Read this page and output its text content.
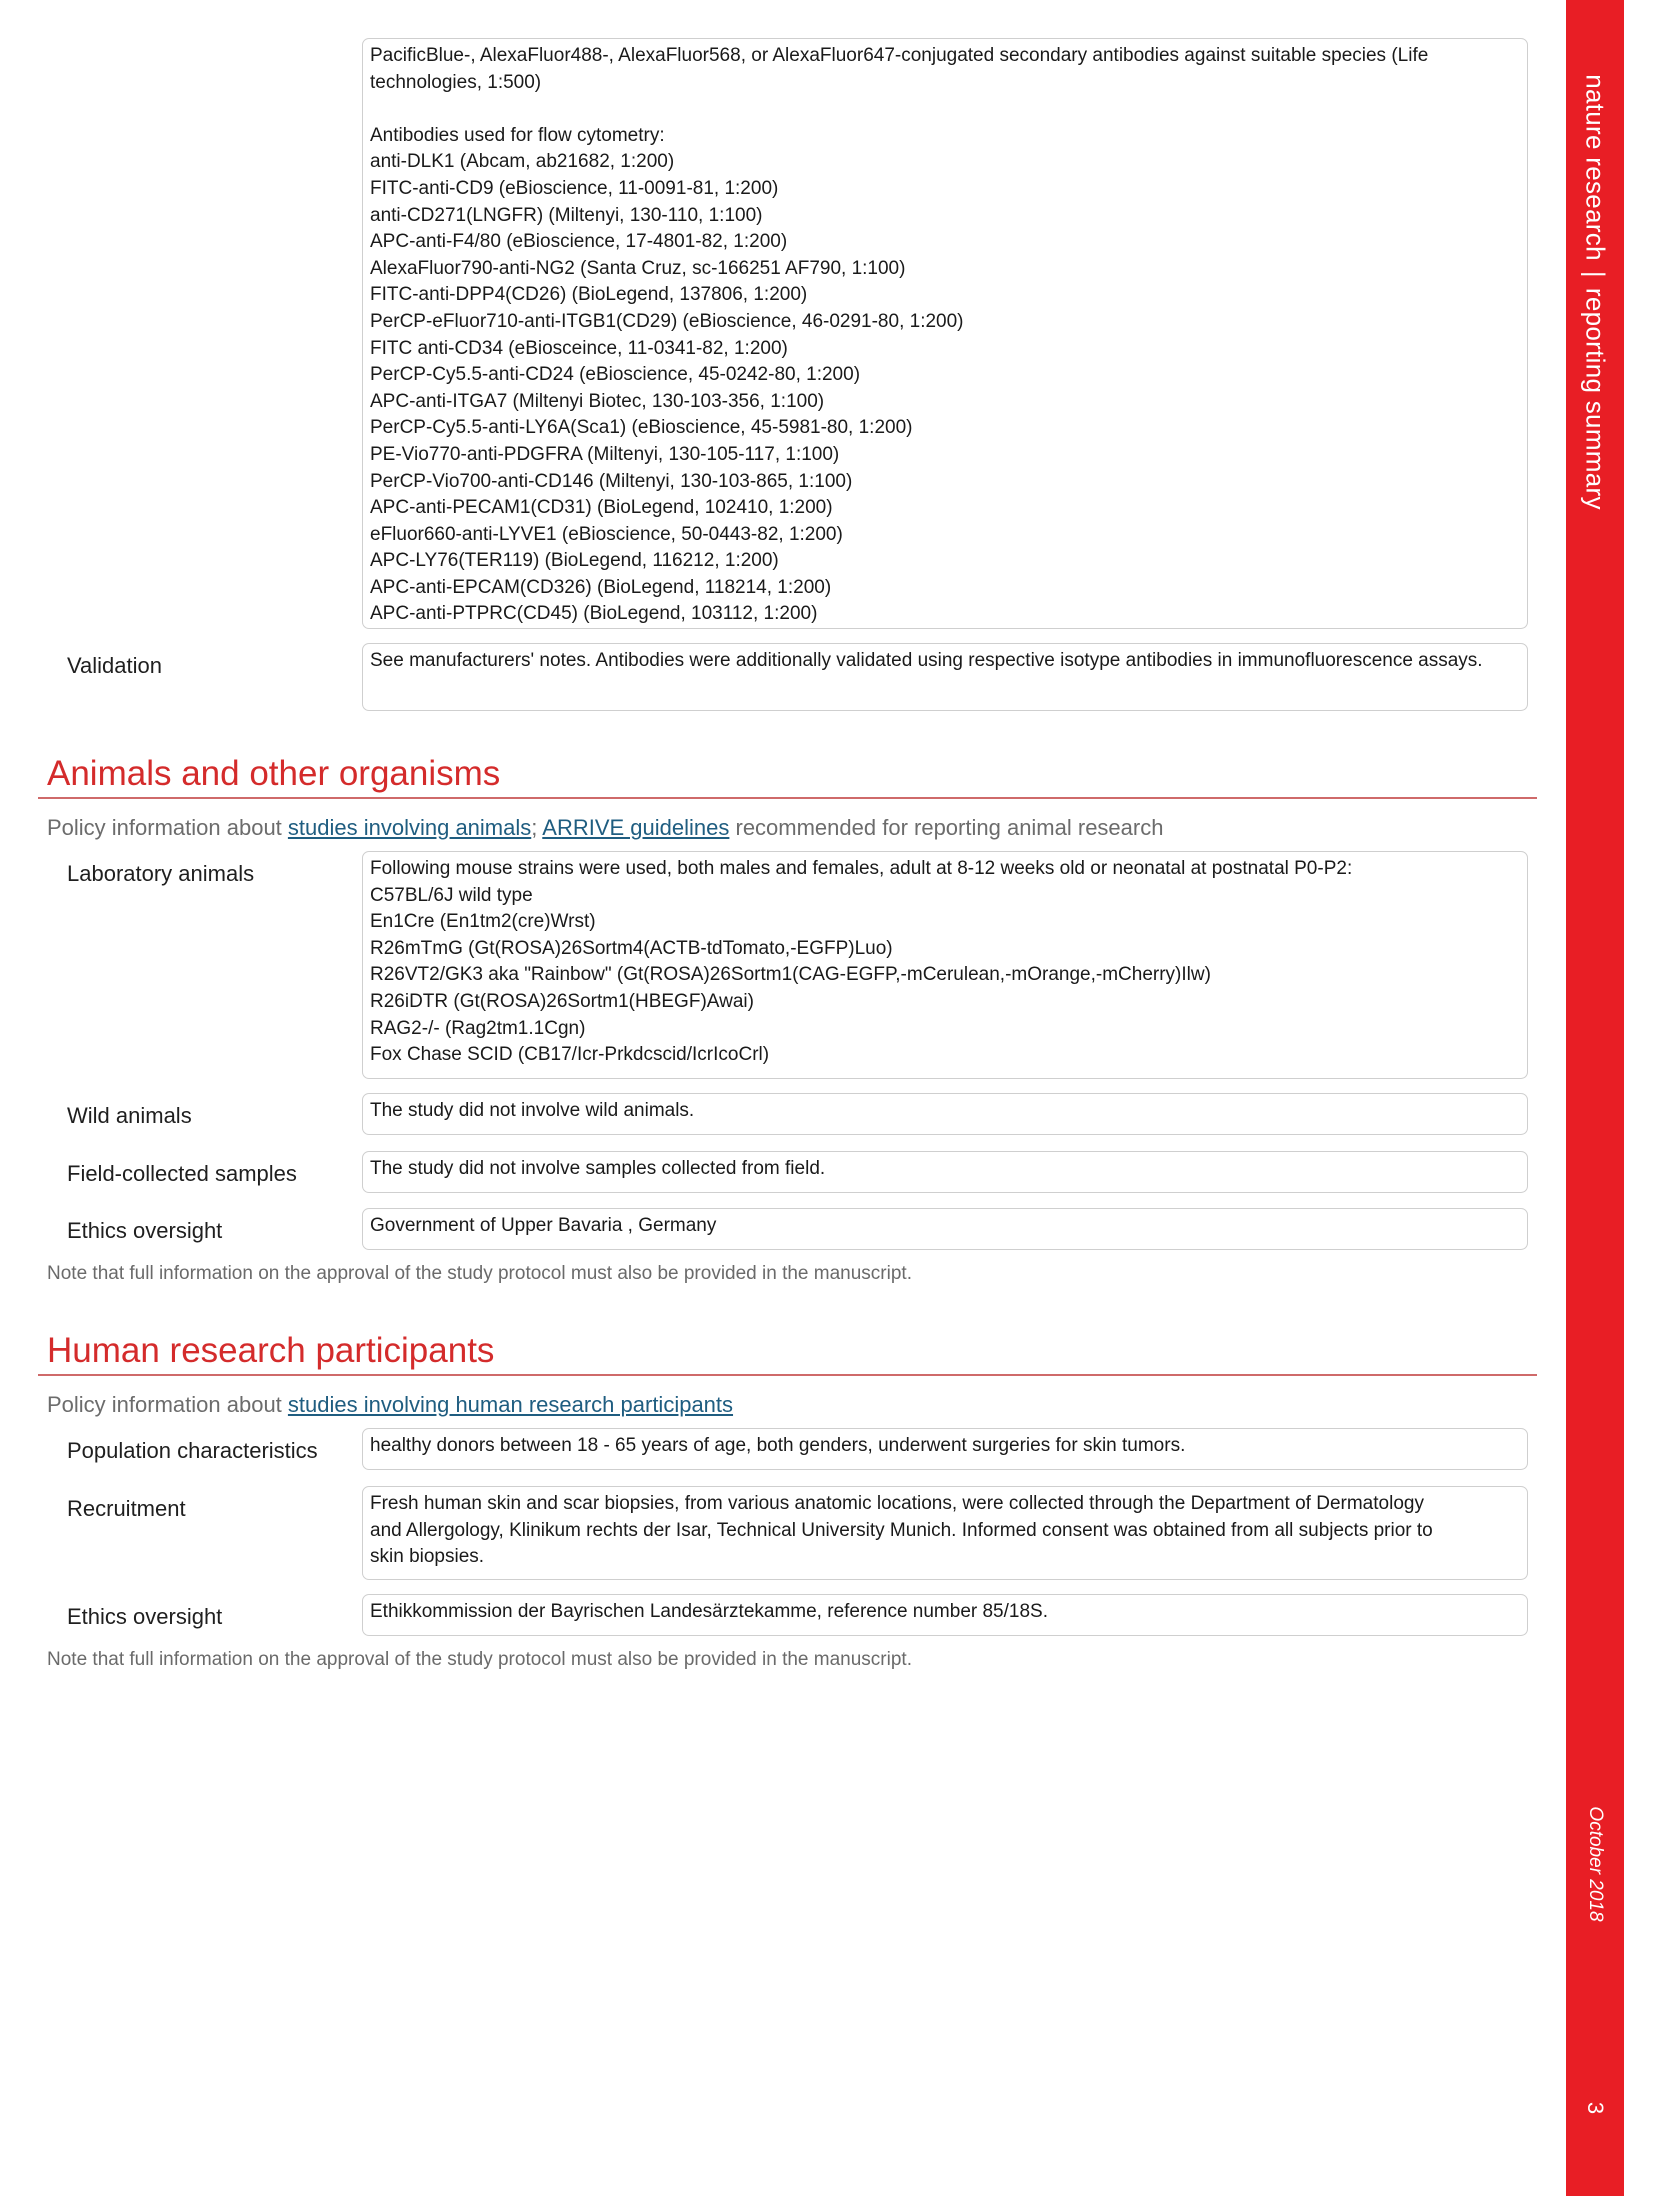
nature research|reporting summary
October 2018
3
PacificBlue-, AlexaFluor488-, AlexaFluor568, or AlexaFluor647-conjugated secondary antibodies against suitable species (Life
technologies, 1:500)
Antibodies used for flow cytometry:
anti-DLK1 (Abcam, ab21682, 1:200)
FITC-anti-CD9 (eBioscience, 11-0091-81, 1:200)
anti-CD271(LNGFR) (Miltenyi, 130-110, 1:100)
APC-anti-F4/80 (eBioscience, 17-4801-82, 1:200)
AlexaFluor790-anti-NG2 (Santa Cruz, sc-166251 AF790, 1:100)
FITC-anti-DPP4(CD26) (BioLegend, 137806, 1:200)
PerCP-eFluor710-anti-ITGB1(CD29) (eBioscience, 46-0291-80, 1:200)
FITC anti-CD34 (eBiosceince, 11-0341-82, 1:200)
PerCP-Cy5.5-anti-CD24 (eBioscience, 45-0242-80, 1:200)
APC-anti-ITGA7 (Miltenyi Biotec, 130-103-356, 1:100)
PerCP-Cy5.5-anti-LY6A(Sca1) (eBioscience, 45-5981-80, 1:200)
PE-Vio770-anti-PDGFRA (Miltenyi, 130-105-117, 1:100)
PerCP-Vio700-anti-CD146 (Miltenyi, 130-103-865, 1:100)
APC-anti-PECAM1(CD31) (BioLegend, 102410, 1:200)
eFluor660-anti-LYVE1 (eBioscience, 50-0443-82, 1:200)
APC-LY76(TER119) (BioLegend, 116212, 1:200)
APC-anti-EPCAM(CD326) (BioLegend, 118214, 1:200)
APC-anti-PTPRC(CD45) (BioLegend, 103112, 1:200)
Validation	See manufacturers' notes. Antibodies were additionally validated using respective isotype antibodies in immunofluorescence assays.
Animals and other organisms
Policy information about studies involving animals; ARRIVE guidelines recommended for reporting animal research
Laboratory animals	Following mouse strains were used, both males and females, adult at 8-12 weeks old or neonatal at postnatal P0-P2:
C57BL/6J wild type
En1Cre (En1tm2(cre)Wrst)
R26mTmG (Gt(ROSA)26Sortm4(ACTB-tdTomato,-EGFP)Luo)
R26VT2/GK3 aka "Rainbow" (Gt(ROSA)26Sortm1(CAG-EGFP,-mCerulean,-mOrange,-mCherry)Ilw)
R26iDTR (Gt(ROSA)26Sortm1(HBEGF)Awai)
RAG2-/- (Rag2tm1.1Cgn)
Fox Chase SCID (CB17/Icr-Prkdcscid/IcrIcoCrl)
Wild animals	The study did not involve wild animals.
Field-collected samples	The study did not involve samples collected from field.
Ethics oversight	Government of Upper Bavaria , Germany
Note that full information on the approval of the study protocol must also be provided in the manuscript.
Human research participants
Policy information about studies involving human research participants
Population characteristics	healthy donors between 18 - 65 years of age, both genders, underwent surgeries for skin tumors.
Recruitment	Fresh human skin and scar biopsies, from various anatomic locations, were collected through the Department of Dermatology
and Allergology, Klinikum rechts der Isar, Technical University Munich. Informed consent was obtained from all subjects prior to
skin biopsies.
Ethics oversight	Ethikkommission der Bayrischen Landesärztekamme, reference number 85/18S.
Note that full information on the approval of the study protocol must also be provided in the manuscript.
